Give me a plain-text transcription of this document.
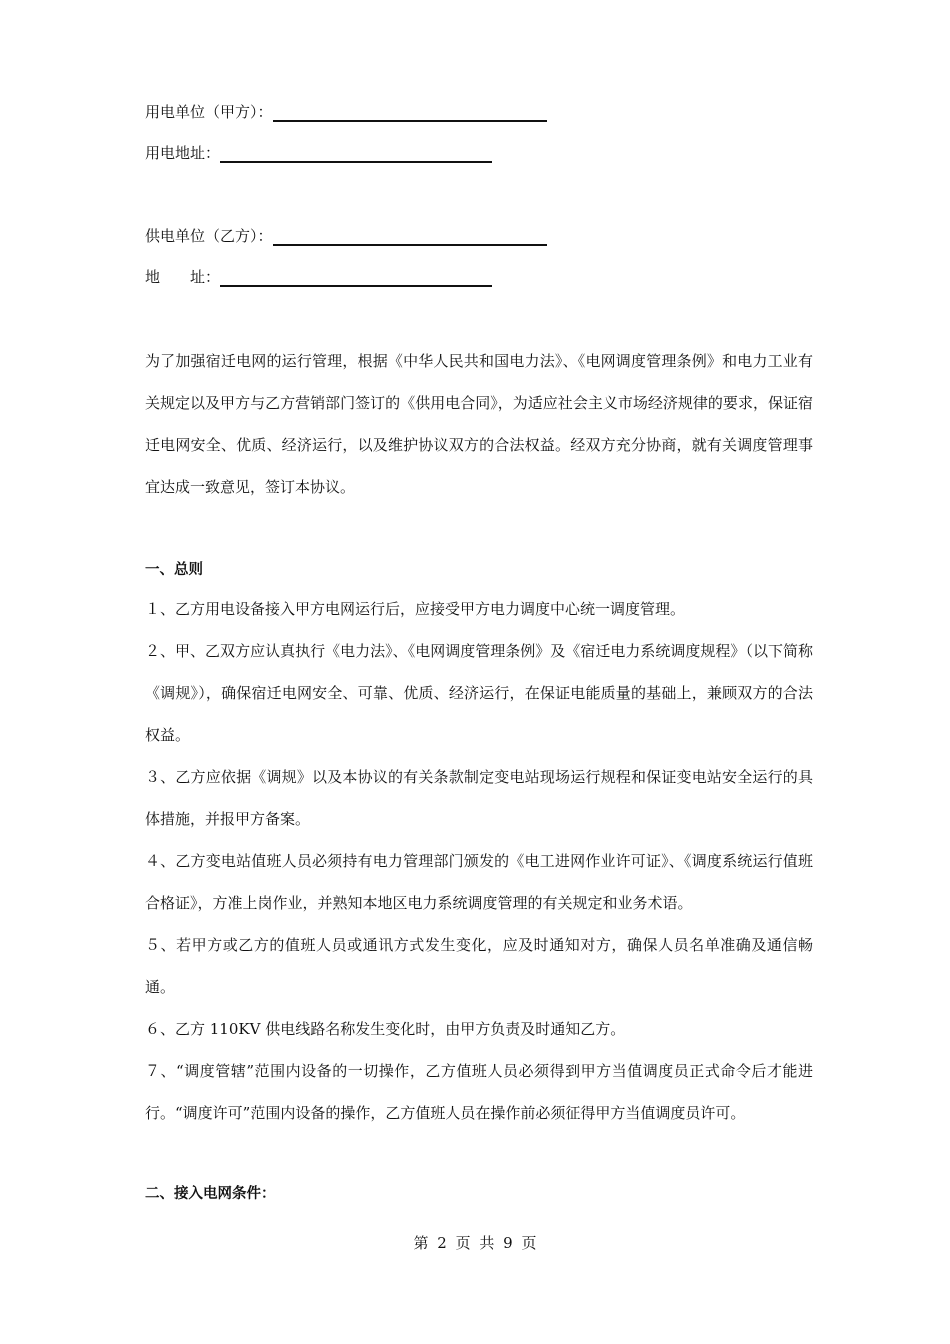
用电单位（甲方）：
用电地址：
供电单位（乙方）：
地　　址：
为了加强宿迁电网的运行管理，根据《中华人民共和国电力法》、《电网调度管理条例》和电力工业有关规定以及甲方与乙方营销部门签订的《供用电合同》，为适应社会主义市场经济规律的要求，保证宿迁电网安全、优质、经济运行，以及维护协议双方的合法权益。经双方充分协商，就有关调度管理事宜达成一致意见，签订本协议。
一、总则
１、乙方用电设备接入甲方电网运行后，应接受甲方电力调度中心统一调度管理。
２、甲、乙双方应认真执行《电力法》、《电网调度管理条例》及《宿迁电力系统调度规程》（以下简称《调规》），确保宿迁电网安全、可靠、优质、经济运行，在保证电能质量的基础上，兼顾双方的合法权益。
３、乙方应依据《调规》以及本协议的有关条款制定变电站现场运行规程和保证变电站安全运行的具体措施，并报甲方备案。
４、乙方变电站值班人员必须持有电力管理部门颁发的《电工进网作业许可证》、《调度系统运行值班合格证》，方准上岗作业，并熟知本地区电力系统调度管理的有关规定和业务术语。
５、若甲方或乙方的值班人员或通讯方式发生变化，应及时通知对方，确保人员名单准确及通信畅通。
６、乙方 110KV 供电线路名称发生变化时，由甲方负责及时通知乙方。
７、“调度管辖”范围内设备的一切操作，乙方值班人员必须得到甲方当值调度员正式命令后才能进行。“调度许可”范围内设备的操作，乙方值班人员在操作前必须征得甲方当值调度员许可。
二、接入电网条件：
第 2 页 共 9 页
